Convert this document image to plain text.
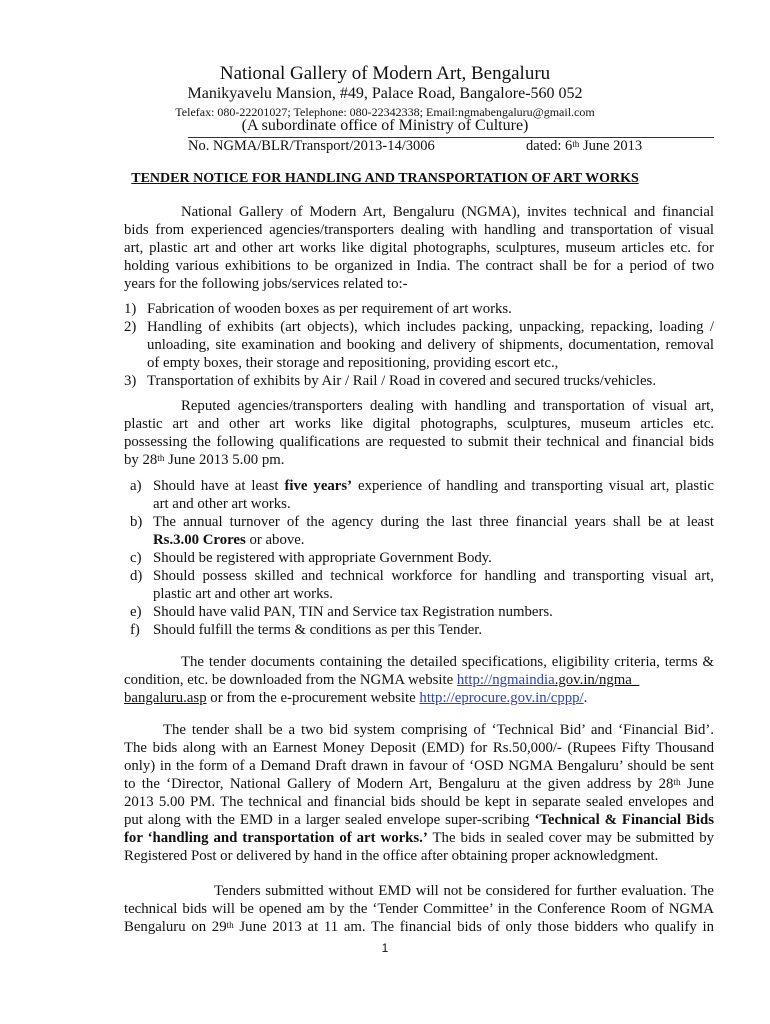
National Gallery of Modern Art, Bengaluru
Manikyavelu Mansion, #49, Palace Road, Bangalore-560 052
Telefax: 080-22201027; Telephone: 080-22342338; Email:ngmabengaluru@gmail.com
(A subordinate office of Ministry of Culture)
No. NGMA/BLR/Transport/2013-14/3006	dated: 6th June 2013
TENDER NOTICE FOR HANDLING AND TRANSPORTATION OF ART WORKS
National Gallery of Modern Art, Bengaluru (NGMA), invites technical and financial
bids from experienced agencies/transporters dealing with handling and transportation of visual
art, plastic art and other art works like digital photographs, sculptures, museum articles etc. for
holding various exhibitions to be organized in India. The contract shall be for a period of two
years for the following jobs/services related to:-
1) Fabrication of wooden boxes as per requirement of art works.
2) Handling of exhibits (art objects), which includes packing, unpacking, repacking, loading /
unloading, site examination and booking and delivery of shipments, documentation, removal
of empty boxes, their storage and repositioning, providing escort etc.,
3) Transportation of exhibits by Air / Rail / Road in covered and secured trucks/vehicles.
Reputed agencies/transporters dealing with handling and transportation of visual art,
plastic art and other art works like digital photographs, sculptures, museum articles etc.
possessing the following qualifications are requested to submit their technical and financial bids
by 28th June 2013 5.00 pm.
a) Should have at least five years’ experience of handling and transporting visual art, plastic
art and other art works.
b) The annual turnover of the agency during the last three financial years shall be at least
Rs.3.00 Crores or above.
c) Should be registered with appropriate Government Body.
d) Should possess skilled and technical workforce for handling and transporting visual art,
plastic art and other art works.
e) Should have valid PAN, TIN and Service tax Registration numbers.
f) Should fulfill the terms & conditions as per this Tender.
The tender documents containing the detailed specifications, eligibility criteria, terms &
condition, etc. be downloaded from the NGMA website http://ngmaindia.gov.in/ngma_
bangaluru.asp or from the e-procurement website http://eprocure.gov.in/cppp/.
The tender shall be a two bid system comprising of ‘Technical Bid’ and ‘Financial Bid’.
The bids along with an Earnest Money Deposit (EMD) for Rs.50,000/- (Rupees Fifty Thousand
only) in the form of a Demand Draft drawn in favour of ‘OSD NGMA Bengaluru’ should be sent
to the ‘Director, National Gallery of Modern Art, Bengaluru at the given address by 28th June
2013 5.00 PM. The technical and financial bids should be kept in separate sealed envelopes and
put along with the EMD in a larger sealed envelope super-scribing ‘Technical & Financial Bids
for ‘handling and transportation of art works.’ The bids in sealed cover may be submitted by
Registered Post or delivered by hand in the office after obtaining proper acknowledgment.
Tenders submitted without EMD will not be considered for further evaluation. The
technical bids will be opened am by the ‘Tender Committee’ in the Conference Room of NGMA
Bengaluru on 29th June 2013 at 11 am. The financial bids of only those bidders who qualify in
1
